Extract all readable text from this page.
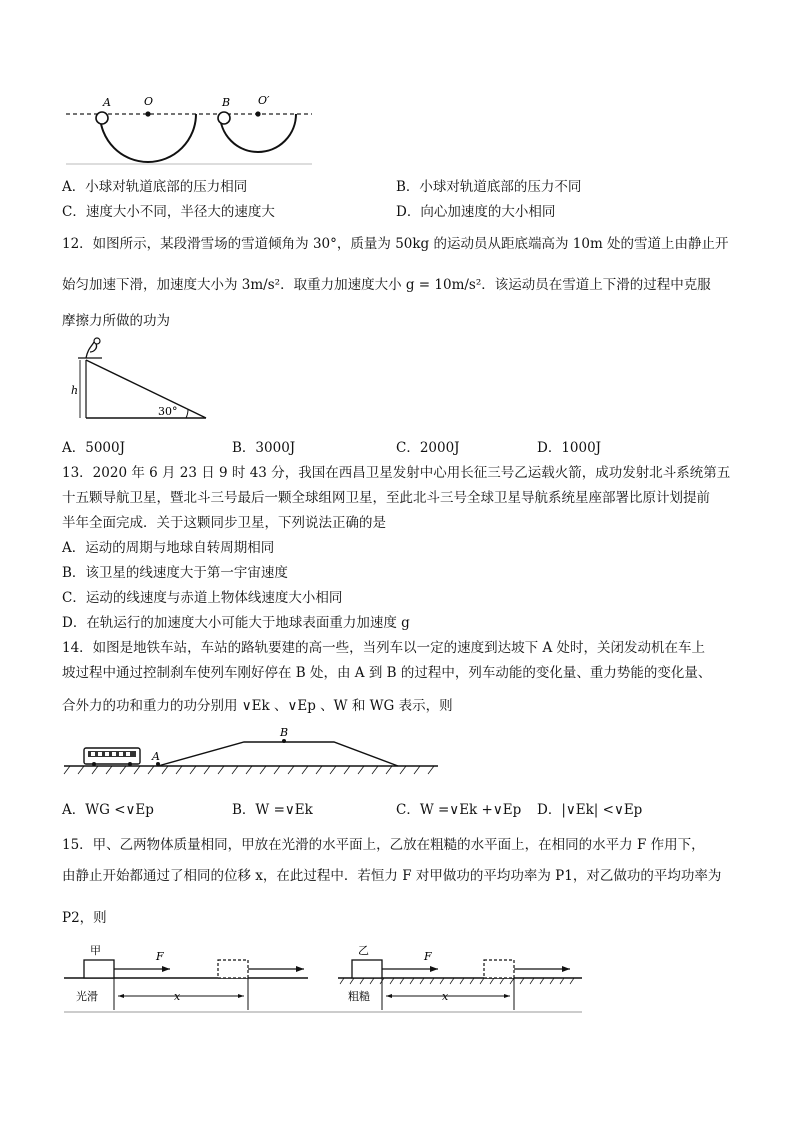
A	O	B	O′
A．小球对轨道底部的压力相同	B．小球对轨道底部的压力不同
C．速度大小不同，半径大的速度大	D．向心加速度的大小相同
12．如图所示，某段滑雪场的雪道倾角为 30°，质量为 50kg 的运动员从距底端高为 10m 处的雪道上由静止开
始匀加速下滑，加速度大小为 3m/s²．取重力加速度大小 g = 10m/s²．该运动员在雪道上下滑的过程中克服
摩擦力所做的功为
h
30°
A．5000J	B．3000J	C．2000J	D．1000J
13．2020 年 6 月 23 日 9 时 43 分，我国在西昌卫星发射中心用长征三号乙运载火箭，成功发射北斗系统第五
十五颗导航卫星，暨北斗三号最后一颗全球组网卫星，至此北斗三号全球卫星导航系统星座部署比原计划提前
半年全面完成．关于这颗同步卫星，下列说法正确的是
A．运动的周期与地球自转周期相同
B．该卫星的线速度大于第一宇宙速度
C．运动的线速度与赤道上物体线速度大小相同
D．在轨运行的加速度大小可能大于地球表面重力加速度 g
14．如图是地铁车站，车站的路轨要建的高一些，当列车以一定的速度到达坡下 A 处时，关闭发动机在车上
坡过程中通过控制刹车使列车刚好停在 B 处，由 A 到 B 的过程中，列车动能的变化量、重力势能的变化量、
合外力的功和重力的功分别用 ∨Ek 、∨Ep 、W 和 WG 表示，则
A
B
A．WG <∨Ep	B．W =∨Ek	C．W =∨Ek +∨Ep D．|∨Ek| <∨Ep
15．甲、乙两物体质量相同，甲放在光滑的水平面上，乙放在粗糙的水平面上，在相同的水平力 F 作用下，
由静止开始都通过了相同的位移 x，在此过程中．若恒力 F 对甲做功的平均功率为 P1，对乙做功的平均功率为
P2，则
甲	F
x
光滑
乙	F
x
粗糙
